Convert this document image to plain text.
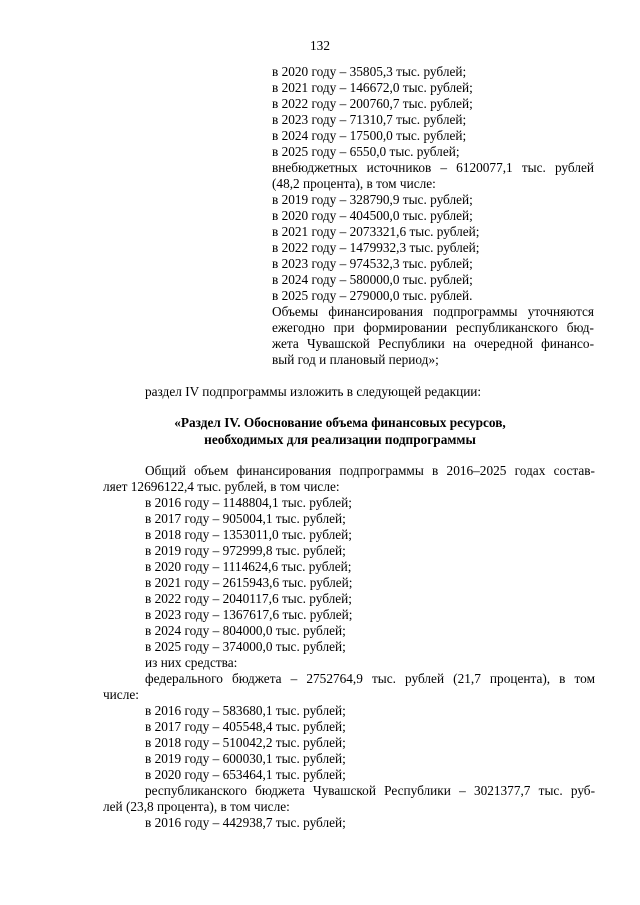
132
в 2020 году – 35805,3 тыс. рублей;
в 2021 году – 146672,0 тыс. рублей;
в 2022 году – 200760,7 тыс. рублей;
в 2023 году – 71310,7 тыс. рублей;
в 2024 году – 17500,0 тыс. рублей;
в 2025 году – 6550,0 тыс. рублей;
внебюджетных источников – 6120077,1 тыс. рублей
(48,2 процента), в том числе:
в 2019 году – 328790,9 тыс. рублей;
в 2020 году – 404500,0 тыс. рублей;
в 2021 году – 2073321,6 тыс. рублей;
в 2022 году – 1479932,3 тыс. рублей;
в 2023 году – 974532,3 тыс. рублей;
в 2024 году – 580000,0 тыс. рублей;
в 2025 году – 279000,0 тыс. рублей.
Объемы финансирования подпрограммы уточняются
ежегодно при формировании республиканского бюд-
жета Чувашской Республики на очередной финансо-
вый год и плановый период»;
раздел IV подпрограммы изложить в следующей редакции:
«Раздел IV. Обоснование объема финансовых ресурсов,
необходимых для реализации подпрограммы
Общий объем финансирования подпрограммы в 2016–2025 годах состав-
ляет 12696122,4 тыс. рублей, в том числе:
в 2016 году – 1148804,1 тыс. рублей;
в 2017 году – 905004,1 тыс. рублей;
в 2018 году – 1353011,0 тыс. рублей;
в 2019 году – 972999,8 тыс. рублей;
в 2020 году – 1114624,6 тыс. рублей;
в 2021 году – 2615943,6 тыс. рублей;
в 2022 году – 2040117,6 тыс. рублей;
в 2023 году – 1367617,6 тыс. рублей;
в 2024 году – 804000,0 тыс. рублей;
в 2025 году – 374000,0 тыс. рублей;
из них средства:
федерального бюджета – 2752764,9 тыс. рублей (21,7 процента), в том
числе:
в 2016 году – 583680,1 тыс. рублей;
в 2017 году – 405548,4 тыс. рублей;
в 2018 году – 510042,2 тыс. рублей;
в 2019 году – 600030,1 тыс. рублей;
в 2020 году – 653464,1 тыс. рублей;
республиканского бюджета Чувашской Республики – 3021377,7 тыс. руб-
лей (23,8 процента), в том числе:
в 2016 году – 442938,7 тыс. рублей;
